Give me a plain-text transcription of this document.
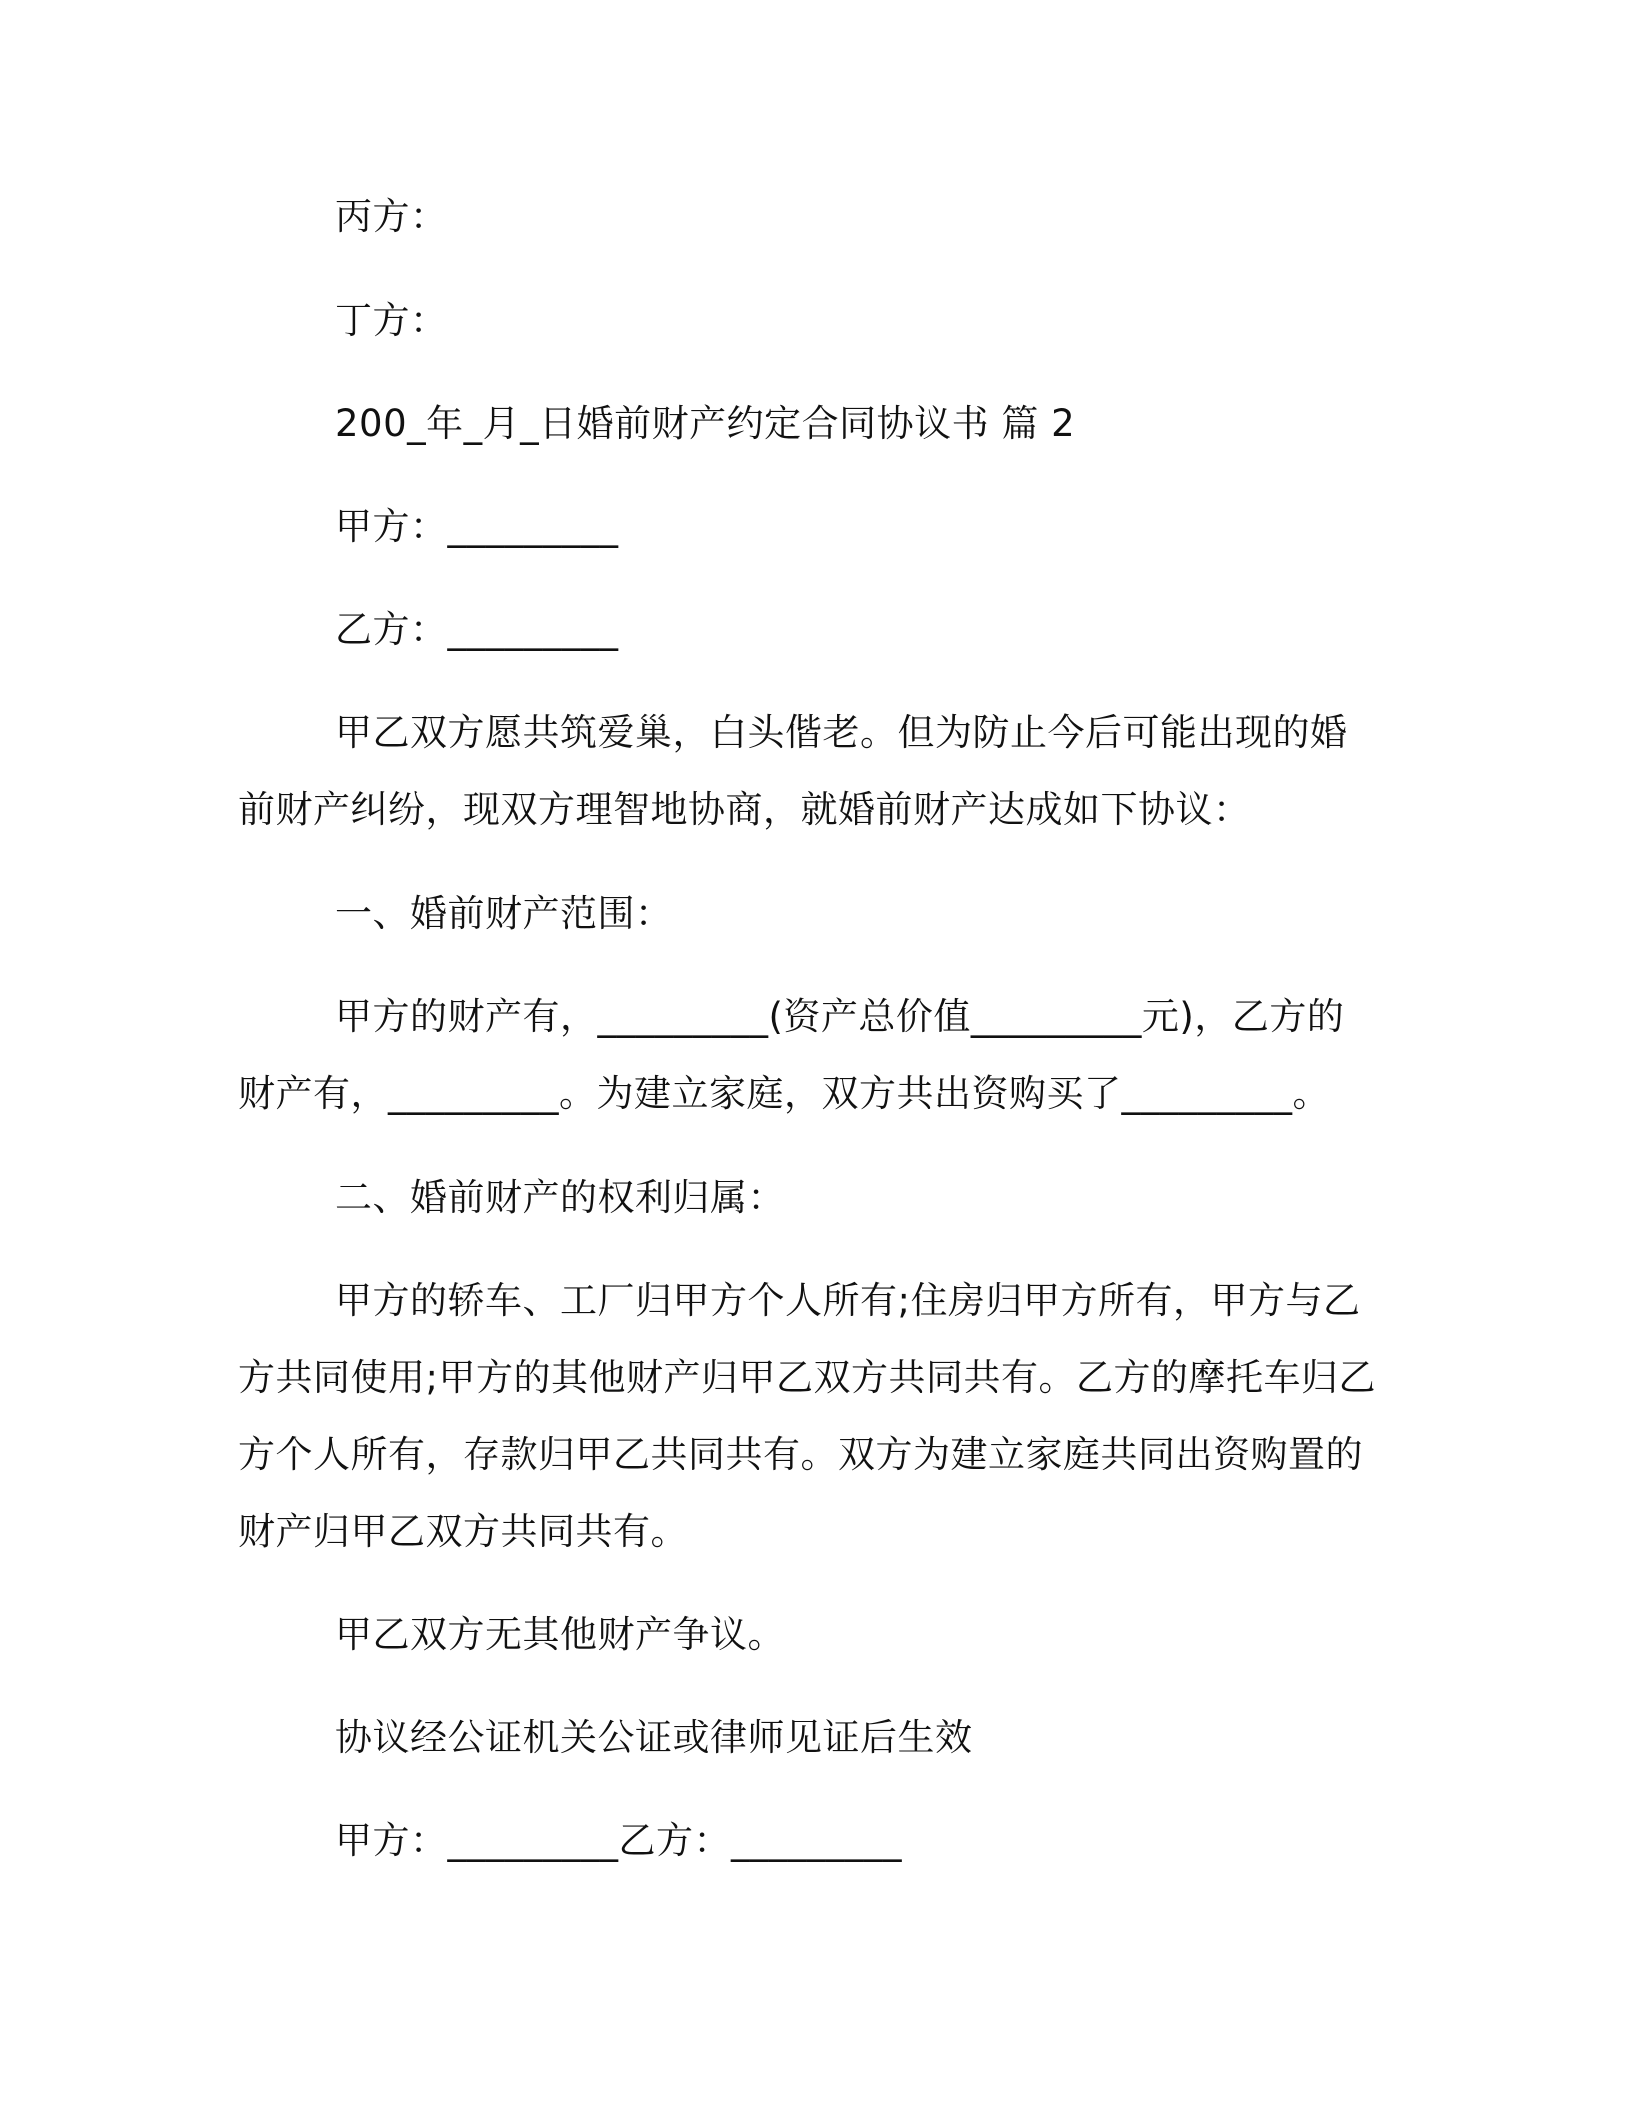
丙方：

丁方：

200_年_月_日婚前财产约定合同协议书 篇 2

甲方：_________

乙方：_________

甲乙双方愿共筑爱巢，白头偕老。但为防止今后可能出现的婚前财产纠纷，现双方理智地协商，就婚前财产达成如下协议：

一、婚前财产范围：

甲方的财产有，_________(资产总价值_________元)，乙方的财产有，_________。为建立家庭，双方共出资购买了_________。

二、婚前财产的权利归属：

甲方的轿车、工厂归甲方个人所有;住房归甲方所有，甲方与乙方共同使用;甲方的其他财产归甲乙双方共同共有。乙方的摩托车归乙方个人所有，存款归甲乙共同共有。双方为建立家庭共同出资购置的财产归甲乙双方共同共有。

甲乙双方无其他财产争议。

协议经公证机关公证或律师见证后生效

甲方：_________乙方：_________
